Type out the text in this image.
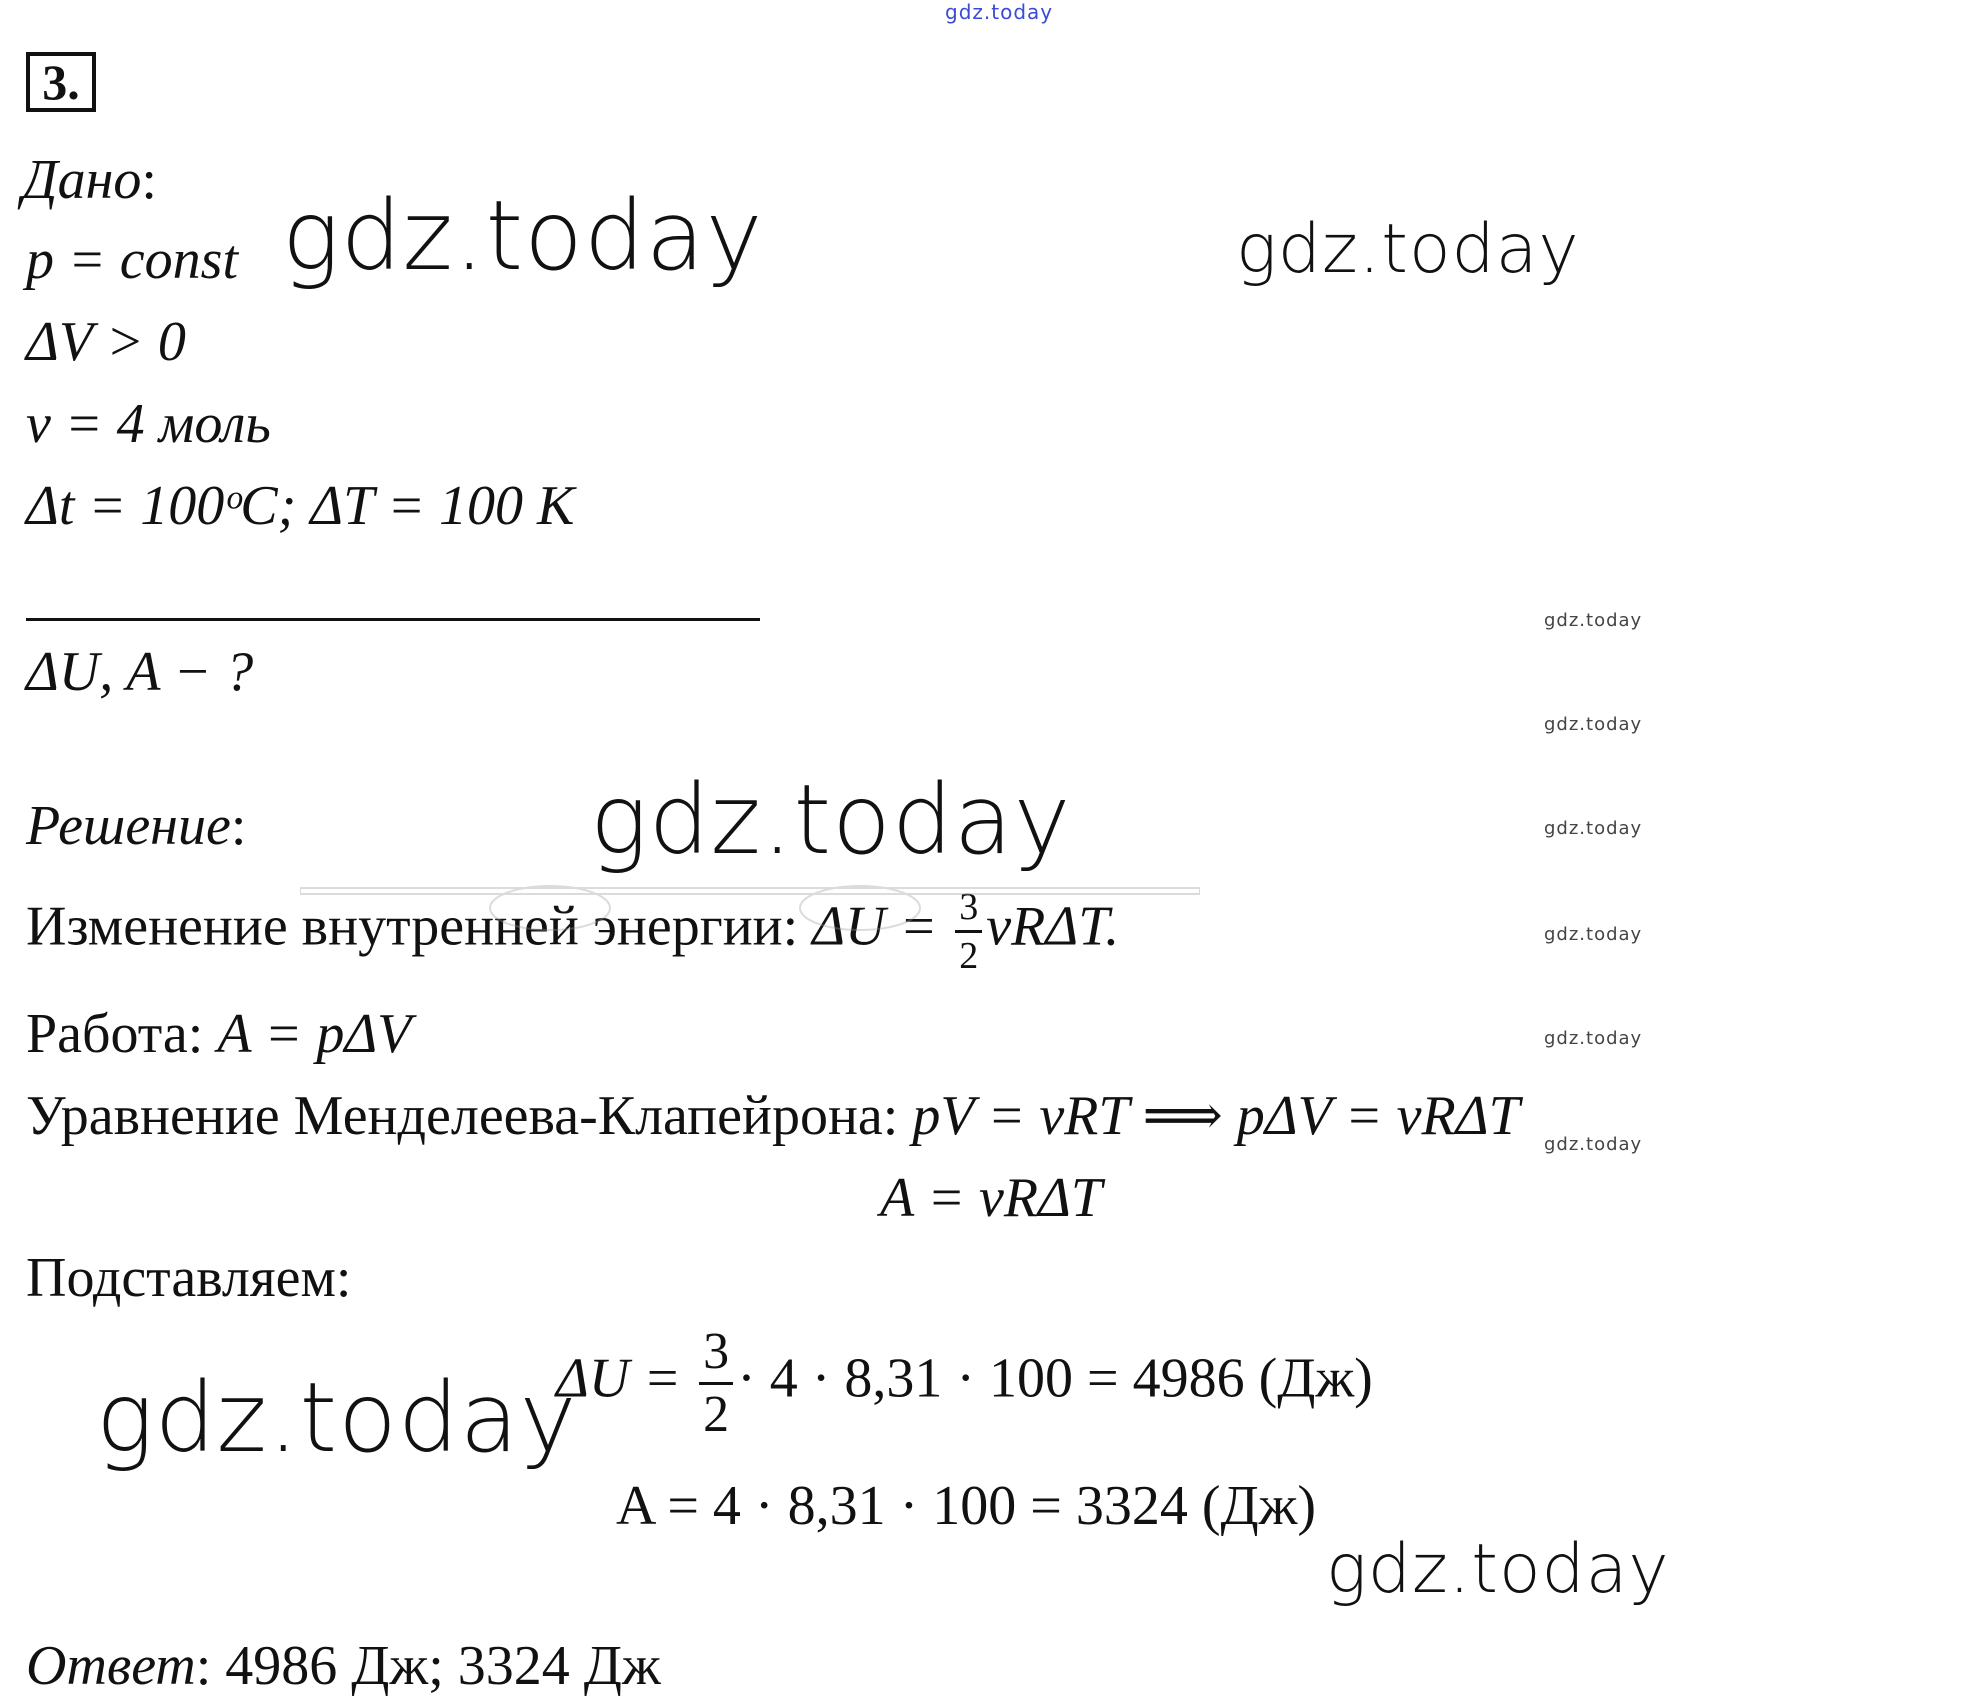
gdz.today
3.
Дано:
p = const
ΔV > 0
ν = 4 моль
Δt = 100ᵒC; ΔT = 100 K
ΔU, A − ?
Решение:
Изменение внутренней энергии: $\Delta U = \frac{3}{2} \nu R\Delta T$.
Работа: A = pΔV
Уравнение Менделеева-Клапейрона: pV = νRT ⟹ pΔV = νRΔT
A = νRΔT
Подставляем:
$\Delta U = \frac{3}{2} \cdot 4 \cdot 8,31 \cdot 100 = 4986$ (Дж)
A = 4 · 8,31 · 100 = 3324 (Дж)
Ответ: 4986 Дж; 3324 Дж
gdz.today	gdz.today
gdz.today
gdz.today
gdz.today	gdz.today
gdz.today
gdz.today
gdz.today
gdz.today
gdz.today
